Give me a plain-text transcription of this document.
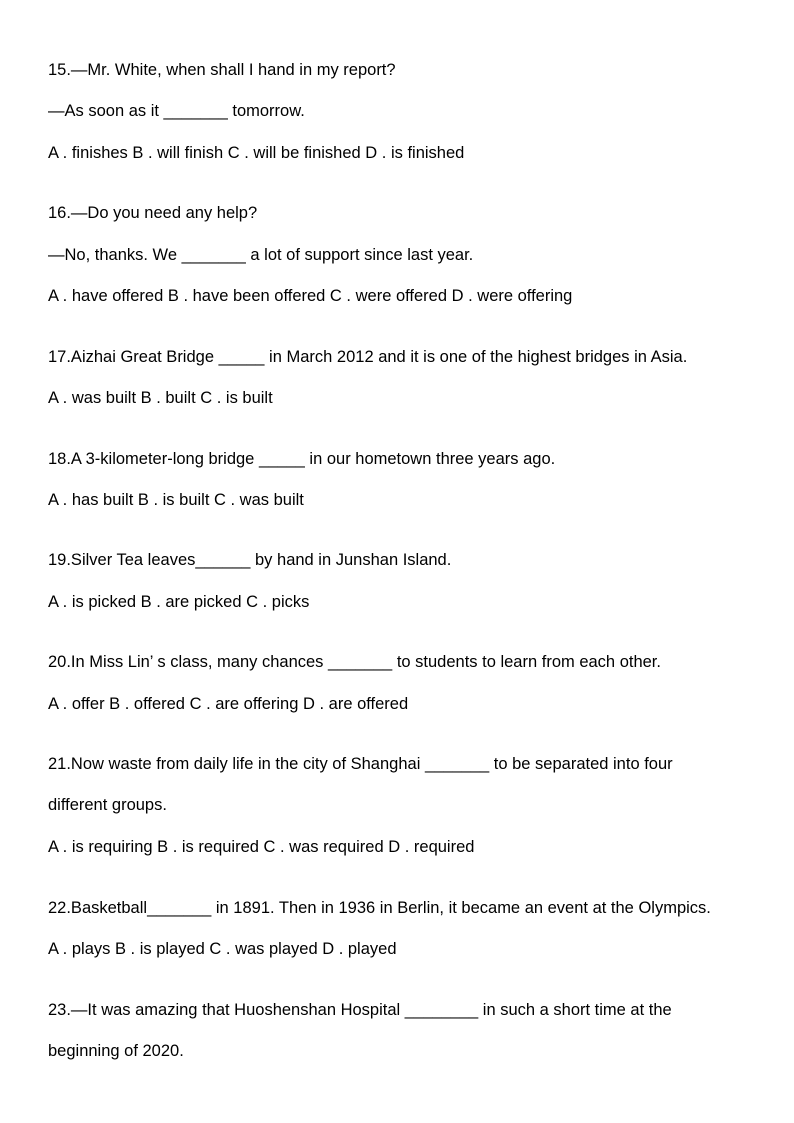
15.—Mr. White, when shall I hand in my report?
—As soon as it _______ tomorrow.
A . finishes B . will finish C . will be finished D . is finished
16.—Do you need any help?
—No, thanks. We _______ a lot of support since last year.
A . have offered B . have been offered C . were offered D . were offering
17.Aizhai Great Bridge _____ in March 2012 and it is one of the highest bridges in Asia.
A . was built B . built C . is built
18.A 3-kilometer-long bridge _____ in our hometown three years ago.
A . has built B . is built C . was built
19.Silver Tea leaves______ by hand in Junshan Island.
A . is picked B . are picked C . picks
20.In Miss Lin’ s class, many chances _______ to students to learn from each other.
A . offer B . offered C . are offering D . are offered
21.Now waste from daily life in the city of Shanghai _______ to be separated into four
different groups.
A . is requiring B . is required C . was required D . required
22.Basketball_______ in 1891. Then in 1936 in Berlin, it became an event at the Olympics.
A . plays B . is played C . was played D . played
23.—It was amazing that Huoshenshan Hospital ________ in such a short time at the
beginning of 2020.
